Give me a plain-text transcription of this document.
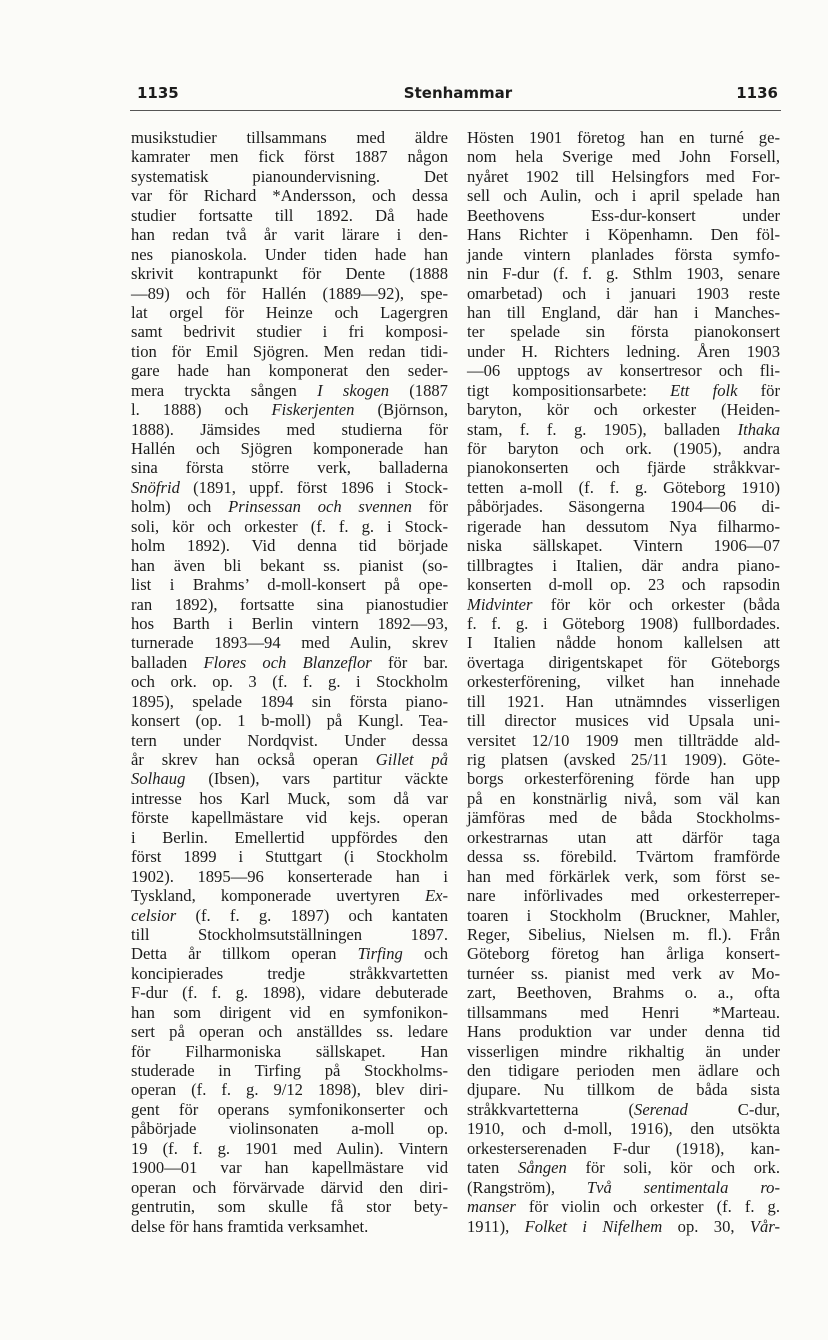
1135	Stenhammar	1136
musikstudier tillsammans med äldre
kamrater men fick först 1887 någon
systematisk pianoundervisning. Det
var för Richard *Andersson, och dessa
studier fortsatte till 1892. Då hade
han redan två år varit lärare i den-
nes pianoskola. Under tiden hade han
skrivit kontrapunkt för Dente (1888
—89) och för Hallén (1889—92), spe-
lat orgel för Heinze och Lagergren
samt bedrivit studier i fri komposi-
tion för Emil Sjögren. Men redan tidi-
gare hade han komponerat den seder-
mera tryckta sången I skogen (1887
l. 1888) och Fiskerjenten (Björnson,
1888). Jämsides med studierna för
Hallén och Sjögren komponerade han
sina första större verk, balladerna
Snöfrid (1891, uppf. först 1896 i Stock-
holm) och Prinsessan och svennen för
soli, kör och orkester (f. f. g. i Stock-
holm 1892). Vid denna tid började
han även bli bekant ss. pianist (so-
list i Brahms’ d-moll-konsert på ope-
ran 1892), fortsatte sina pianostudier
hos Barth i Berlin vintern 1892—93,
turnerade 1893—94 med Aulin, skrev
balladen Flores och Blanzeflor för bar.
och ork. op. 3 (f. f. g. i Stockholm
1895), spelade 1894 sin första piano-
konsert (op. 1 b-moll) på Kungl. Tea-
tern under Nordqvist. Under dessa
år skrev han också operan Gillet på
Solhaug (Ibsen), vars partitur väckte
intresse hos Karl Muck, som då var
förste kapellmästare vid kejs. operan
i Berlin. Emellertid uppfördes den
först 1899 i Stuttgart (i Stockholm
1902). 1895—96 konserterade han i
Tyskland, komponerade uvertyren Ex-
celsior (f. f. g. 1897) och kantaten
till Stockholmsutställningen 1897.
Detta år tillkom operan Tirfing och
koncipierades tredje stråkkvartetten
F-dur (f. f. g. 1898), vidare debuterade
han som dirigent vid en symfonikon-
sert på operan och anställdes ss. ledare
för Filharmoniska sällskapet. Han
studerade in Tirfing på Stockholms-
operan (f. f. g. 9/12 1898), blev diri-
gent för operans symfonikonserter och
påbörjade violinsonaten a-moll op.
19 (f. f. g. 1901 med Aulin). Vintern
1900—01 var han kapellmästare vid
operan och förvärvade därvid den diri-
gentrutin, som skulle få stor bety-
delse för hans framtida verksamhet.
Hösten 1901 företog han en turné ge-
nom hela Sverige med John Forsell,
nyåret 1902 till Helsingfors med For-
sell och Aulin, och i april spelade han
Beethovens Ess-dur-konsert under
Hans Richter i Köpenhamn. Den föl-
jande vintern planlades första symfo-
nin F-dur (f. f. g. Sthlm 1903, senare
omarbetad) och i januari 1903 reste
han till England, där han i Manches-
ter spelade sin första pianokonsert
under H. Richters ledning. Åren 1903
—06 upptogs av konsertresor och fli-
tigt kompositionsarbete: Ett folk för
baryton, kör och orkester (Heiden-
stam, f. f. g. 1905), balladen Ithaka
för baryton och ork. (1905), andra
pianokonserten och fjärde stråkkvar-
tetten a-moll (f. f. g. Göteborg 1910)
påbörjades. Säsongerna 1904—06 di-
rigerade han dessutom Nya filharmo-
niska sällskapet. Vintern 1906—07
tillbragtes i Italien, där andra piano-
konserten d-moll op. 23 och rapsodin
Midvinter för kör och orkester (båda
f. f. g. i Göteborg 1908) fullbordades.
I Italien nådde honom kallelsen att
övertaga dirigentskapet för Göteborgs
orkesterförening, vilket han innehade
till 1921. Han utnämndes visserligen
till director musices vid Upsala uni-
versitet 12/10 1909 men tillträdde ald-
rig platsen (avsked 25/11 1909). Göte-
borgs orkesterförening förde han upp
på en konstnärlig nivå, som väl kan
jämföras med de båda Stockholms-
orkestrarnas utan att därför taga
dessa ss. förebild. Tvärtom framförde
han med förkärlek verk, som först se-
nare införlivades med orkesterreper-
toaren i Stockholm (Bruckner, Mahler,
Reger, Sibelius, Nielsen m. fl.). Från
Göteborg företog han årliga konsert-
turnéer ss. pianist med verk av Mo-
zart, Beethoven, Brahms o. a., ofta
tillsammans med Henri *Marteau.
Hans produktion var under denna tid
visserligen mindre rikhaltig än under
den tidigare perioden men ädlare och
djupare. Nu tillkom de båda sista
stråkkvartetterna (Serenad C-dur,
1910, och d-moll, 1916), den utsökta
orkesterserenaden F-dur (1918), kan-
taten Sången för soli, kör och ork.
(Rangström), Två sentimentala ro-
manser för violin och orkester (f. f. g.
1911), Folket i Nifelhem op. 30, Vår-
